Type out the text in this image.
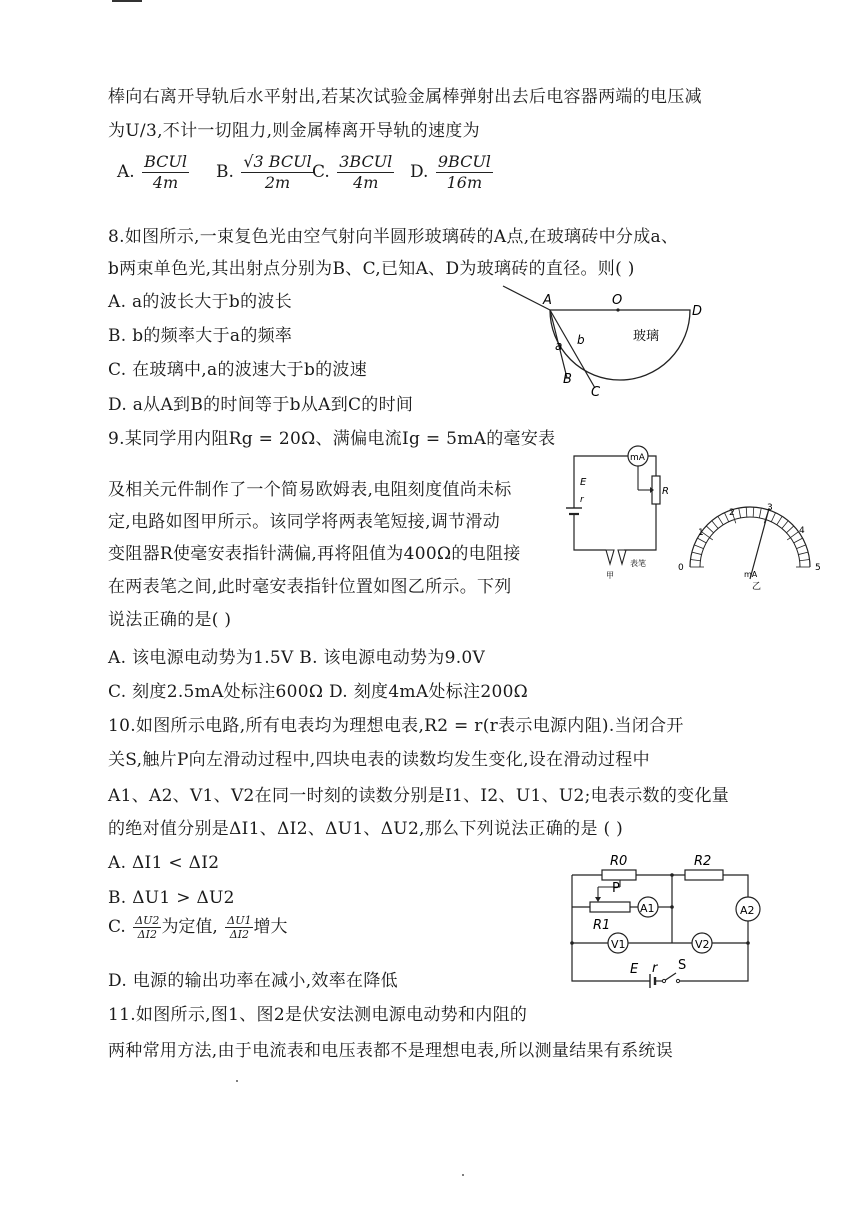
棒向右离开导轨后水平射出,若某次试验金属棒弹射出去后电容器两端的电压减
为U/3,不计一切阻力,则金属棒离开导轨的速度为
A. $\frac{\text{BCUl}}{4m} B$. $\frac{\text{√3 BCUl}}{2m}$
C. $\frac{\text{3BCUl}}{4m} D$. $\frac{\text{9BCUl}}{16m}$
8.如图所示,一束复色光由空气射向半圆形玻璃砖的A点,在玻璃砖中分成a、
b两束单色光,其出射点分别为B、C,已知A、D为玻璃砖的直径。则( )
A. a的波长大于b的波长
B. b的频率大于a的频率
C. 在玻璃中,a的波速大于b的波速
D. a从A到B的时间等于b从A到C的时间
A	O
D
玻璃
a b
B
C
9.某同学用内阻Rg = 20Ω、满偏电流Ig = 5mA的毫安表
及相关元件制作了一个简易欧姆表,电阻刻度值尚未标
定,电路如图甲所示。该同学将两表笔短接,调节滑动
变阻器R使毫安表指针满偏,再将阻值为400Ω的电阻接
在两表笔之间,此时毫安表指针位置如图乙所示。下列
说法正确的是( )
A. 该电源电动势为1.5V B. 该电源电动势为9.0V
C. 刻度2.5mA处标注600Ω D. 刻度4mA处标注200Ω
mA
R
E
r
表笔
甲
0
1
2	3
4
5
mA
乙
10.如图所示电路,所有电表均为理想电表,R2 = r(r表示电源内阻).当闭合开
关S,触片P向左滑动过程中,四块电表的读数均发生变化,设在滑动过程中
A1、A2、V1、V2在同一时刻的读数分别是I1、I2、U1、U2;电表示数的变化量
的绝对值分别是ΔI1、ΔI2、ΔU1、ΔU2,那么下列说法正确的是 ( )
A. ΔI1 < ΔI2
B. ΔU1 > ΔU2
C. $\frac{\Delta U2}{\Delta I2}$ 为定值, $\frac{\Delta U1}{\Delta I2}$ 增大
D. 电源的输出功率在减小,效率在降低
R0	R2
P
R1
A1	A2
V1	V2
E r S
11.如图所示,图1、图2是伏安法测电源电动势和内阻的
两种常用方法,由于电流表和电压表都不是理想电表,所以测量结果有系统误
